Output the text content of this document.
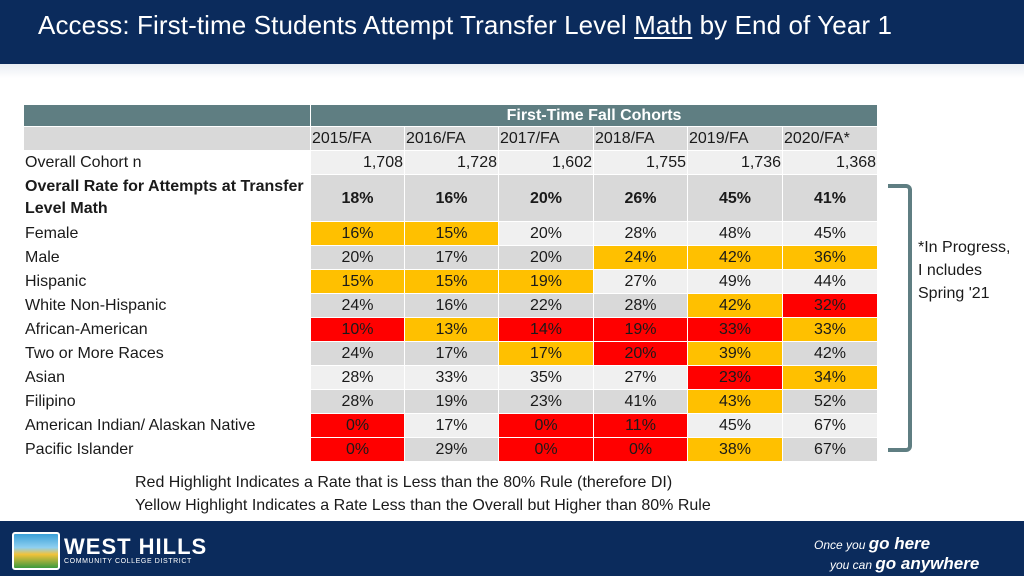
Access: First-time Students Attempt Transfer Level Math by End of Year 1
	First-Time Fall Cohorts					
	2015/FA	2016/FA	2017/FA	2018/FA	2019/FA	2020/FA*
Overall Cohort n	1,708	1,728	1,602	1,755	1,736	1,368
Overall Rate for Attempts at Transfer Level Math	18%	16%	20%	26%	45%	41%
Female	16%	15%	20%	28%	48%	45%
Male	20%	17%	20%	24%	42%	36%
Hispanic	15%	15%	19%	27%	49%	44%
White Non-Hispanic	24%	16%	22%	28%	42%	32%
African-American	10%	13%	14%	19%	33%	33%
Two or More Races	24%	17%	17%	20%	39%	42%
Asian	28%	33%	35%	27%	23%	34%
Filipino	28%	19%	23%	41%	43%	52%
American Indian/ Alaskan Native	0%	17%	0%	11%	45%	67%
Pacific Islander	0%	29%	0%	0%	38%	67%
*In Progress, I ncludes Spring '21
Red Highlight Indicates a Rate that is Less than the 80% Rule (therefore DI)
Yellow Highlight Indicates a Rate Less than the Overall but Higher than 80% Rule
WEST HILLS
COMMUNITY COLLEGE DISTRICT
Once you go here
you can go anywhere
